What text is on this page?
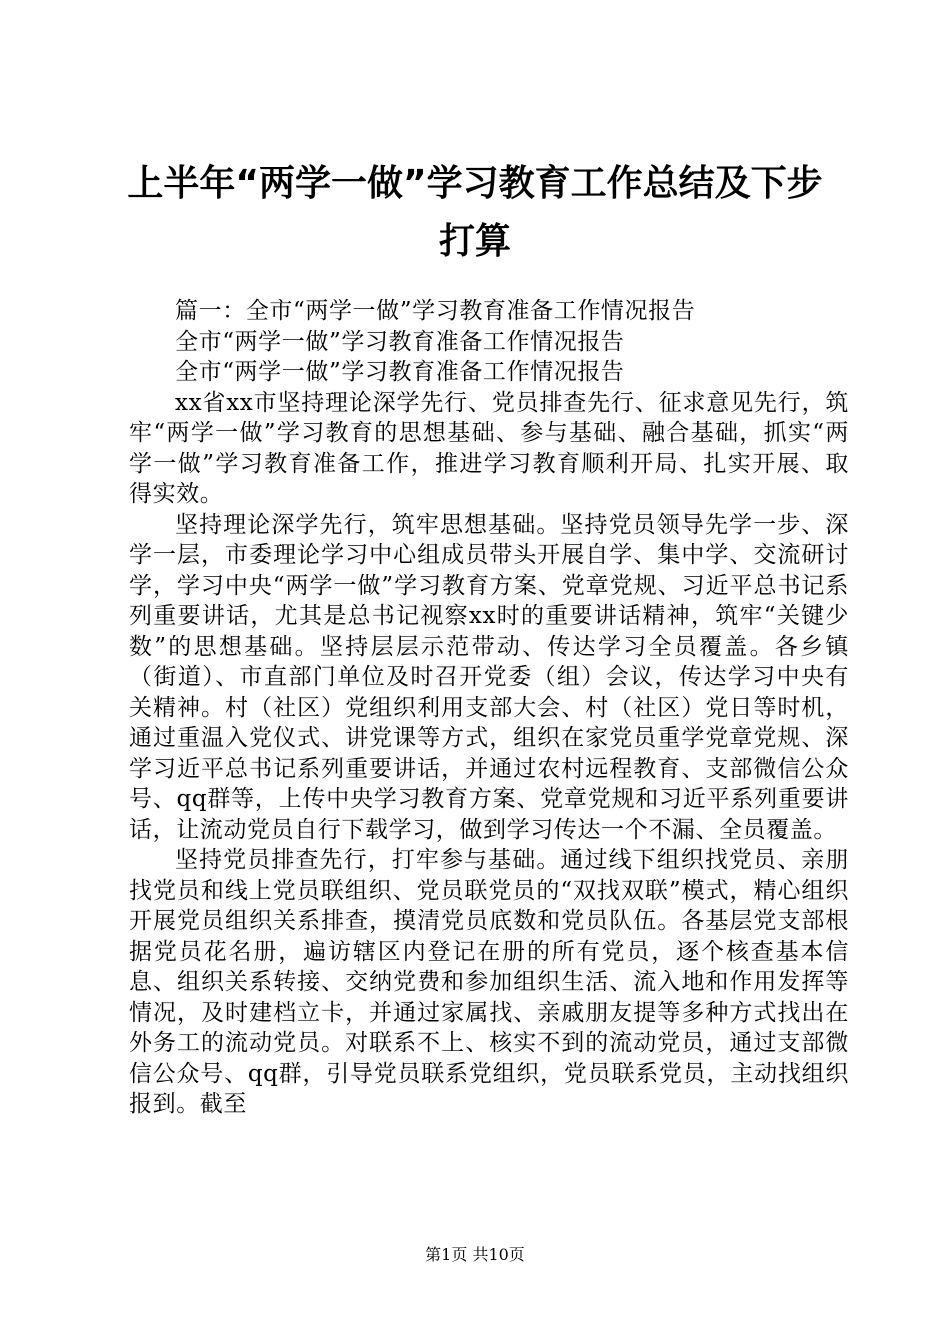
上半年“两学一做”学习教育工作总结及下步
打算

篇一：全市“两学一做”学习教育准备工作情况报告

全市“两学一做”学习教育准备工作情况报告

全市“两学一做”学习教育准备工作情况报告

xx省xx市坚持理论深学先行、党员排查先行、征求意见先行，筑牢“两学一做”学习教育的思想基础、参与基础、融合基础，抓实“两学一做”学习教育准备工作，推进学习教育顺利开局、扎实开展、取得实效。

坚持理论深学先行，筑牢思想基础。坚持党员领导先学一步、深学一层，市委理论学习中心组成员带头开展自学、集中学、交流研讨学，学习中央“两学一做”学习教育方案、党章党规、习近平总书记系列重要讲话，尤其是总书记视察xx时的重要讲话精神，筑牢“关键少数”的思想基础。坚持层层示范带动、传达学习全员覆盖。各乡镇（街道）、市直部门单位及时召开党委（组）会议，传达学习中央有关精神。村（社区）党组织利用支部大会、村（社区）党日等时机，通过重温入党仪式、讲党课等方式，组织在家党员重学党章党规、深学习近平总书记系列重要讲话，并通过农村远程教育、支部微信公众号、qq群等，上传中央学习教育方案、党章党规和习近平系列重要讲话，让流动党员自行下载学习，做到学习传达一个不漏、全员覆盖。

坚持党员排查先行，打牢参与基础。通过线下组织找党员、亲朋找党员和线上党员联组织、党员联党员的“双找双联”模式，精心组织开展党员组织关系排查，摸清党员底数和党员队伍。各基层党支部根据党员花名册，遍访辖区内登记在册的所有党员，逐个核查基本信息、组织关系转接、交纳党费和参加组织生活、流入地和作用发挥等情况，及时建档立卡，并通过家属找、亲戚朋友提等多种方式找出在外务工的流动党员。对联系不上、核实不到的流动党员，通过支部微信公众号、qq群，引导党员联系党组织，党员联系党员，主动找组织报到。截至

第1页 共10页
